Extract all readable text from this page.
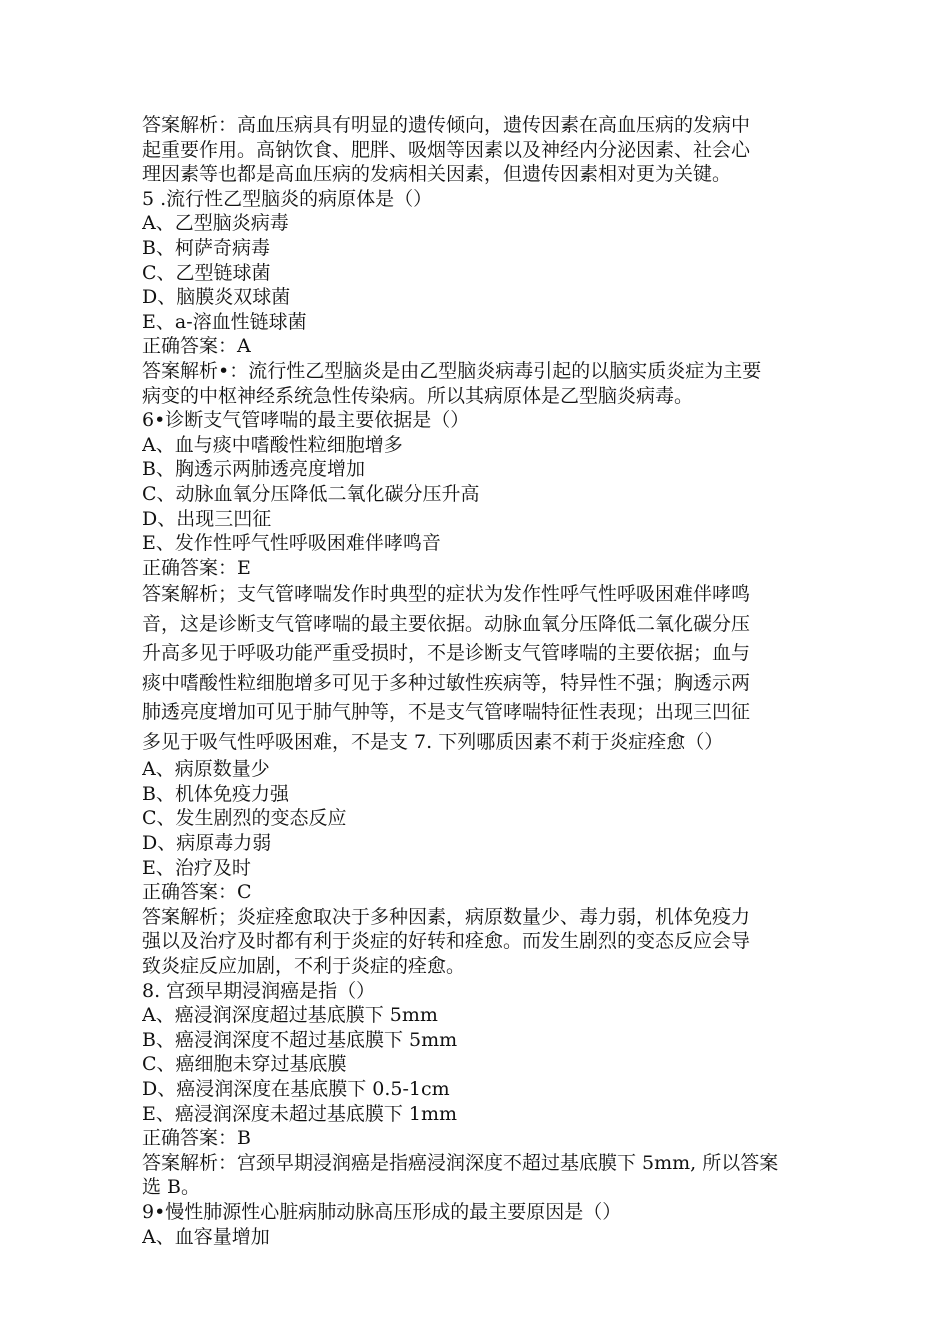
答案解析：高血压病具有明显的遗传倾向，遗传因素在高血压病的发病中
起重要作用。高钠饮食、肥胖、吸烟等因素以及神经内分泌因素、社会心
理因素等也都是高血压病的发病相关因素，但遗传因素相对更为关键。
5 .流行性乙型脑炎的病原体是（）
A、乙型脑炎病毒
B、柯萨奇病毒
C、乙型链球菌
D、脑膜炎双球菌
E、a-溶血性链球菌
正确答案：A
答案解析•：流行性乙型脑炎是由乙型脑炎病毒引起的以脑实质炎症为主要
病变的中枢神经系统急性传染病。所以其病原体是乙型脑炎病毒。
6•诊断支气管哮喘的最主要依据是（）
A、血与痰中嗜酸性粒细胞增多
B、胸透示两肺透亮度增加
C、动脉血氧分压降低二氧化碳分压升高
D、出现三凹征
E、发作性呼气性呼吸困难伴哮鸣音
正确答案：E
答案解析；支气管哮喘发作时典型的症状为发作性呼气性呼吸困难伴哮鸣
音，这是诊断支气管哮喘的最主要依据。动脉血氧分压降低二氧化碳分压
升高多见于呼吸功能严重受损时，不是诊断支气管哮喘的主要依据；血与
痰中嗜酸性粒细胞增多可见于多种过敏性疾病等，特异性不强；胸透示两
肺透亮度增加可见于肺气肿等，不是支气管哮喘特征性表现；出现三凹征
多见于吸气性呼吸困难，不是支 7. 下列哪质因素不莉于炎症痊愈（）
A、病原数量少
B、机体免疫力强
C、发生剧烈的变态反应
D、病原毒力弱
E、治疗及时
正确答案：C
答案解析；炎症痊愈取决于多种因素，病原数量少、毒力弱，机体免疫力
强以及治疗及时都有利于炎症的好转和痊愈。而发生剧烈的变态反应会导
致炎症反应加剧，不利于炎症的痊愈。
8. 宫颈早期浸润癌是指（）
A、癌浸润深度超过基底膜下 5mm
B、癌浸润深度不超过基底膜下 5mm
C、癌细胞未穿过基底膜
D、癌浸润深度在基底膜下 0.5-1cm
E、癌浸润深度未超过基底膜下 1mm
正确答案：B
答案解析：宫颈早期浸润癌是指癌浸润深度不超过基底膜下 5mm, 所以答案
选 B。
9•慢性肺源性心脏病肺动脉高压形成的最主要原因是（）
A、血容量增加
